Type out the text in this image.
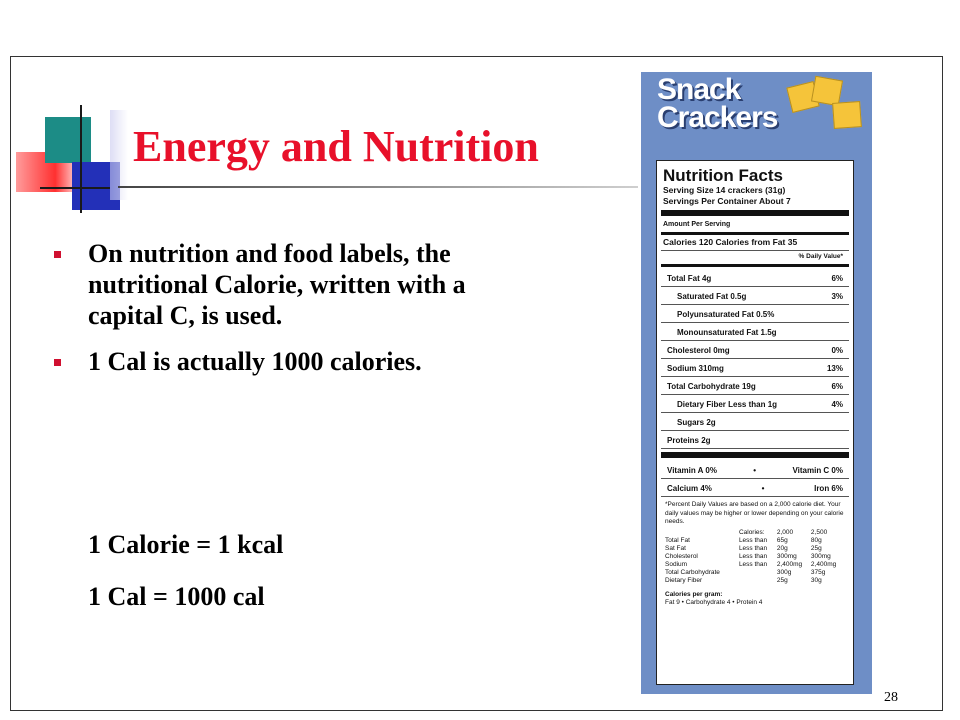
Energy and Nutrition
On nutrition and food labels, the nutritional Calorie, written with a capital C, is used.
1 Cal is actually 1000 calories.
1 Calorie = 1 kcal
1 Cal = 1000 cal
28
Snack
Crackers
Nutrition Facts
Serving Size 14 crackers (31g)
Servings Per Container About 7
Amount Per Serving
Calories 120 Calories from Fat 35
% Daily Value*
Total Fat 4g	6%
Saturated Fat 0.5g	3%
Polyunsaturated Fat 0.5%
Monounsaturated Fat 1.5g
Cholesterol 0mg	0%
Sodium 310mg	13%
Total Carbohydrate 19g	6%
Dietary Fiber Less than 1g	4%
Sugars 2g
Proteins 2g
Vitamin A 0%	•	Vitamin C 0%
Calcium 4%	•	Iron 6%
*Percent Daily Values are based on a 2,000 calorie diet. Your daily values may be higher or lower depending on your calorie needs.
	Calories:	2,000	2,500
Total Fat	Less than	65g	80g
Sat Fat	Less than	20g	25g
Cholesterol	Less than	300mg	300mg
Sodium	Less than	2,400mg	2,400mg
Total Carbohydrate		300g	375g
Dietary Fiber		25g	30g
Calories per gram:
Fat 9 • Carbohydrate 4 • Protein 4
